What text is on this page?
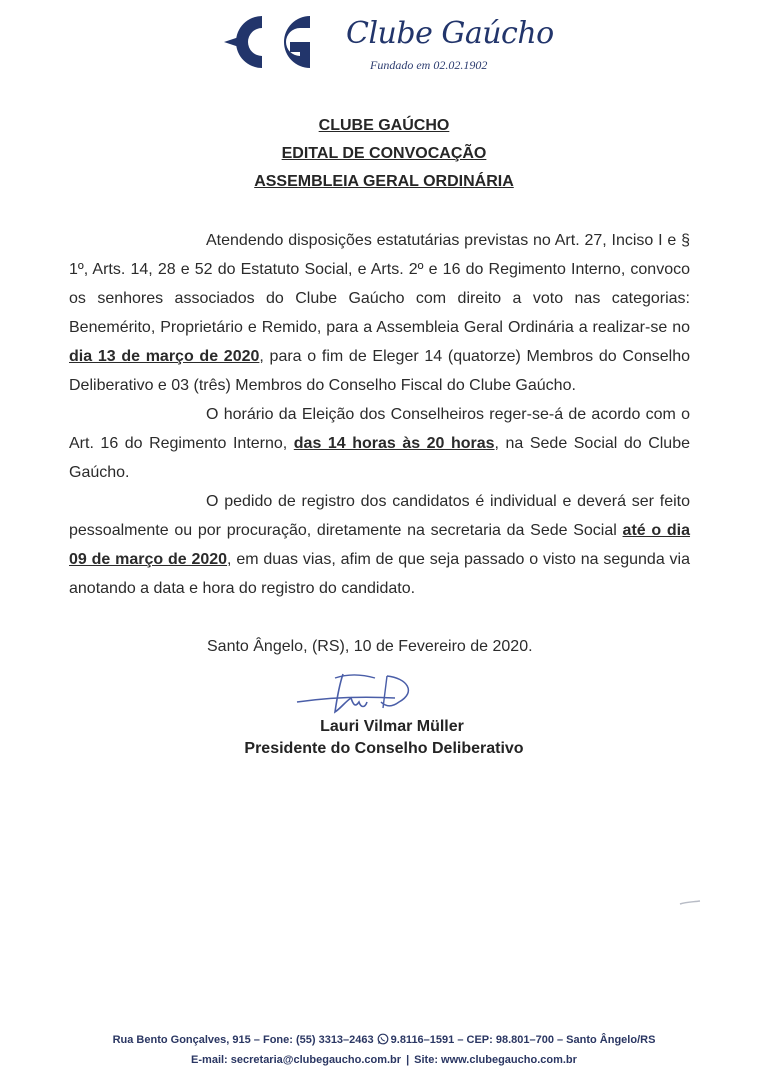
Clube Gaúcho
Fundado em 02.02.1902
CLUBE GAÚCHO
EDITAL DE CONVOCAÇÃO
ASSEMBLEIA GERAL ORDINÁRIA

Atendendo disposições estatutárias previstas no Art. 27, Inciso I e § 1º, Arts. 14, 28 e 52 do Estatuto Social, e Arts. 2º e 16 do Regimento Interno, convoco os senhores associados do Clube Gaúcho com direito a voto nas categorias: Benemérito, Proprietário e Remido, para a Assembleia Geral Ordinária a realizar-se no dia 13 de março de 2020, para o fim de Eleger 14 (quatorze) Membros do Conselho Deliberativo e 03 (três) Membros do Conselho Fiscal do Clube Gaúcho.

O horário da Eleição dos Conselheiros reger-se-á de acordo com o Art. 16 do Regimento Interno, das 14 horas às 20 horas, na Sede Social do Clube Gaúcho.

O pedido de registro dos candidatos é individual e deverá ser feito pessoalmente ou por procuração, diretamente na secretaria da Sede Social até o dia 09 de março de 2020, em duas vias, afim de que seja passado o visto na segunda via anotando a data e hora do registro do candidato.

Santo Ângelo, (RS), 10 de Fevereiro de 2020.
Lauri Vilmar Müller
Presidente do Conselho Deliberativo
Rua Bento Gonçalves, 915 – Fone: (55) 3313–2463 9.8116–1591 – CEP: 98.801–700 – Santo Ângelo/RS
E-mail: secretaria@clubegaucho.com.br | Site: www.clubegaucho.com.br
